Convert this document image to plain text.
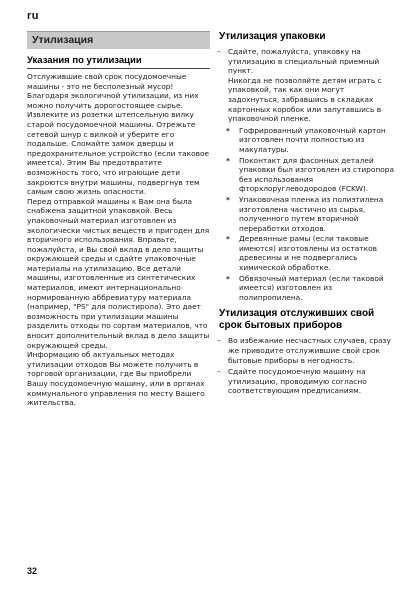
ru
Утилизация
Указания по утилизации

Отслужившие свой срок посудомоечные машины - это не бесполезный мусор! Благодаря экологичной утилизации, из них можно получить дорогостоящее сырье.

Извлеките из розетки штепсельную вилку старой посудомоечной машины. Отрежьте сетевой шнур с вилкой и уберите его подальше. Сломайте замок дверцы и предохранительное устройство (если таковое имеется). Этим Вы предотвратите возможность того, что играющие дети закроются внутри машины, подвергнув тем самым свою жизнь опасности.

Перед отправкой машины к Вам она была снабжена защитной упаковкой. Весь упаковочный материал изготовлен из экологически чистых веществ и пригоден для вторичного использования. Вправьте, пожалуйста, и Вы свой вклад в дело защиты окружающей среды и сдайте упаковочные материалы на утилизацию. Все детали машины, изготовленные из синтетических материалов, имеют интернационально нормированную аббревиатуру материала (например, "PS" для полистирола). Это дает возможность при утилизации машины разделить отходы по сортам материалов, что вносит дополнительный вклад в дело защиты окружающей среды.

Информацию об актуальных методах утилизации отходов Вы можете получить в торговой организации, где Вы приобрели Вашу посудомоечную машину, или в органах коммунального управления по месту Вашего жительства.

Утилизация упаковки
– Сдайте, пожалуйста, упаковку на утилизацию в специальный приемный пункт.
Никогда не позволяйте детям играть с упаковкой, так как они могут задохнуться, забравшись в складках картонных коробок или запутавшись в упаковочной пленке.
* Гофрированный упаковочный картон изготовлен почти полностью из макулатуры.
* Поконтакт для фасонных деталей упаковки был изготовлен из стиропора без использования фторхлоруглеводородов (FCKW).
* Упаковочная пленка из полиэтилена изготовлена частично из сырья, полученного путем вторичной переработки отходов.
* Деревянные рамы (если таковые имеются) изготовлены из остатков древесины и не подвергались химической обработке.
* Обвязочный материал (если таковой имеется) изготовлен из полипропилена.
Утилизация отслуживших свой срок бытовых приборов
– Во избежание несчастных случаев, сразу же приводите отслужившие свой срок бытовые приборы в негодность.
– Сдайте посудомоечную машину на утилизацию, проводимую согласно соответствующим предписаниям.
32
